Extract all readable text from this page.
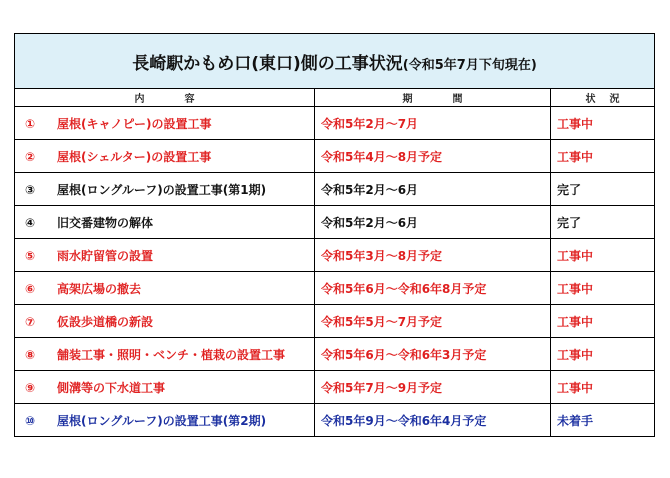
長崎駅かもめ口(東口)側の工事状況(令和5年7月下旬現在)		
内 容	期 間	状 況
① 屋根(キャノピー)の設置工事	令和5年2月～7月	工事中
② 屋根(シェルター)の設置工事	令和5年4月～8月予定	工事中
③ 屋根(ロングルーフ)の設置工事(第1期)	令和5年2月～6月	完了
④ 旧交番建物の解体	令和5年2月～6月	完了
⑤ 雨水貯留管の設置	令和5年3月～8月予定	工事中
⑥ 高架広場の撤去	令和5年6月～令和6年8月予定	工事中
⑦ 仮設歩道橋の新設	令和5年5月～7月予定	工事中
⑧ 舗装工事・照明・ベンチ・植栽の設置工事	令和5年6月～令和6年3月予定	工事中
⑨ 側溝等の下水道工事	令和5年7月～9月予定	工事中
⑩ 屋根(ロングルーフ)の設置工事(第2期)	令和5年9月～令和6年4月予定	未着手
